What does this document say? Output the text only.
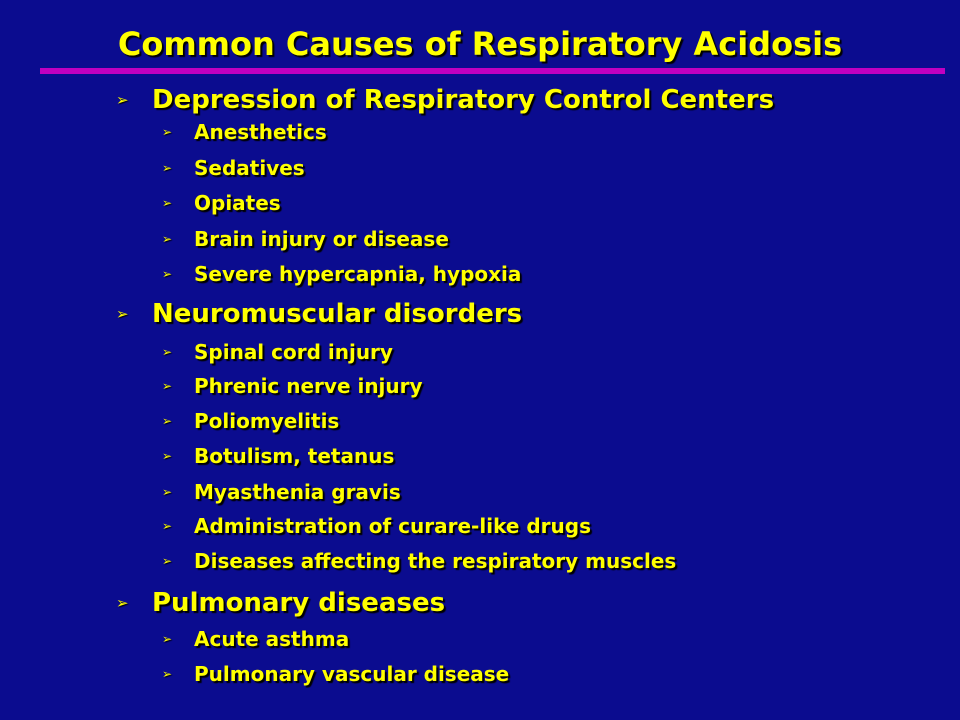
Common Causes of Respiratory Acidosis
➢ Depression of Respiratory Control Centers
➢	Anesthetics
➢	Sedatives
➢	Opiates
➢	Brain injury or disease
➢	Severe hypercapnia, hypoxia
➢ Neuromuscular disorders
➢	Spinal cord injury
➢	Phrenic nerve injury
➢	Poliomyelitis
➢	Botulism, tetanus
➢	Myasthenia gravis
➢	Administration of curare-like drugs
➢	Diseases affecting the respiratory muscles
➢ Pulmonary diseases
➢	Acute asthma
➢	Pulmonary vascular disease
